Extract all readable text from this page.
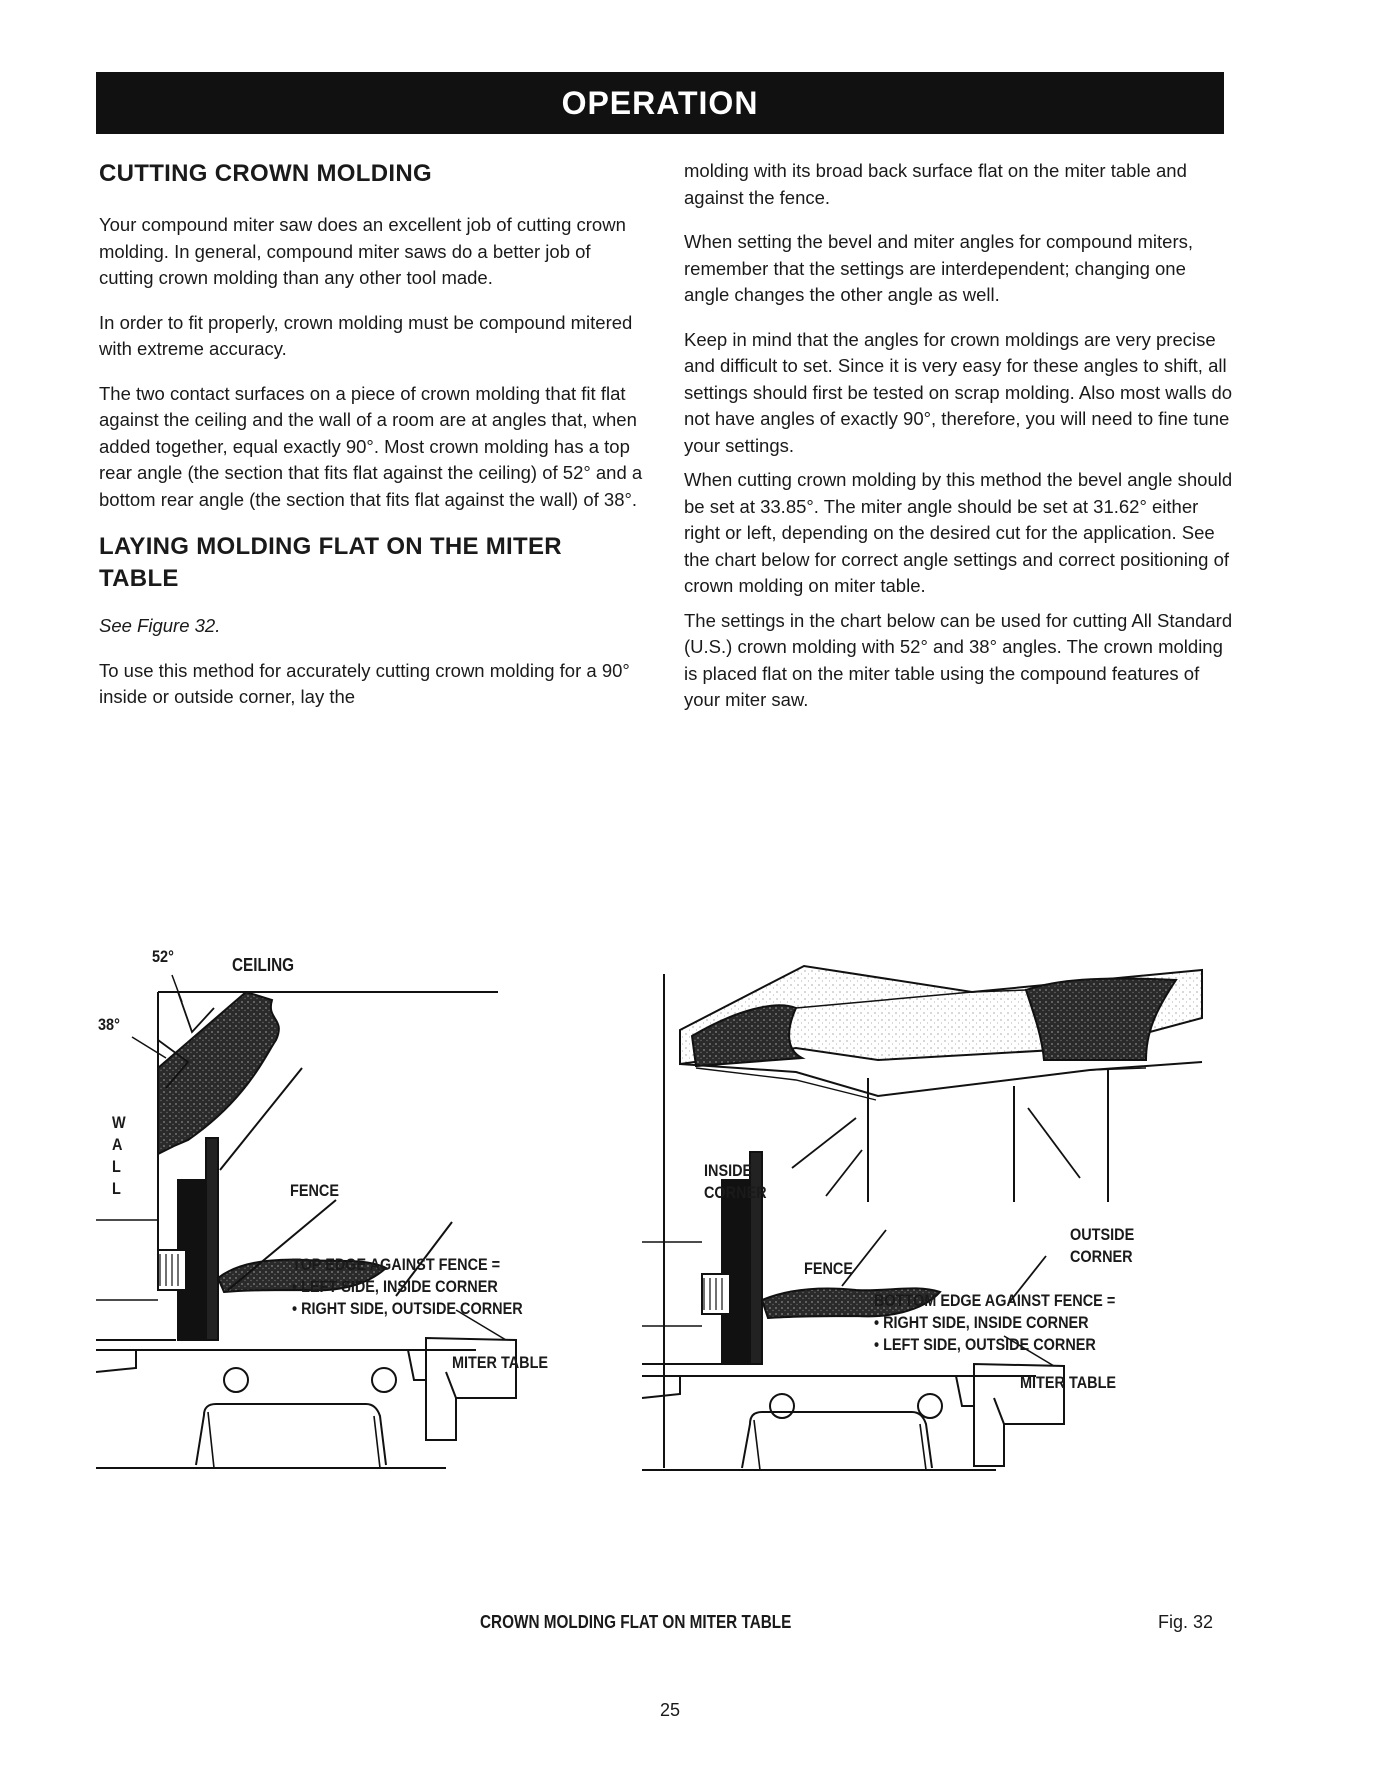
OPERATION
CUTTING CROWN MOLDING

Your compound miter saw does an excellent job of cutting crown molding. In general, compound miter saws do a better job of cutting crown molding than any other tool made.

In order to fit properly, crown molding must be compound mitered with extreme accuracy.

The two contact surfaces on a piece of crown molding that fit flat against the ceiling and the wall of a room are at angles that, when added together, equal exactly 90°. Most crown molding has a top rear angle (the section that fits flat against the ceiling) of 52° and a bottom rear angle (the section that fits flat against the wall) of 38°.

LAYING MOLDING FLAT ON THE MITER TABLE

See Figure 32.

To use this method for accurately cutting crown molding for a 90° inside or outside corner, lay the

molding with its broad back surface flat on the miter table and against the fence.

When setting the bevel and miter angles for compound miters, remember that the settings are interdependent; changing one angle changes the other angle as well.

Keep in mind that the angles for crown moldings are very precise and difficult to set. Since it is very easy for these angles to shift, all settings should first be tested on scrap molding. Also most walls do not have angles of exactly 90°, therefore, you will need to fine tune your settings.

When cutting crown molding by this method the bevel angle should be set at 33.85°. The miter angle should be set at 31.62° either right or left, depending on the desired cut for the application. See the chart below for correct angle settings and correct positioning of crown molding on miter table.

The settings in the chart below can be used for cutting All Standard (U.S.) crown molding with 52° and 38° angles. The crown molding is placed flat on the miter table using the compound features of your miter saw.

52°	CEILING
38°
W
A
L
L	FENCE
TOP EDGE AGAINST FENCE =
• LEFT SIDE, INSIDE CORNER
• RIGHT SIDE, OUTSIDE CORNER
MITER TABLE
INSIDE
CORNER
OUTSIDE
CORNER
FENCE
BOTTOM EDGE AGAINST FENCE =
• RIGHT SIDE, INSIDE CORNER
• LEFT SIDE, OUTSIDE CORNER
MITER TABLE
CROWN MOLDING FLAT ON MITER TABLE	Fig. 32
25
